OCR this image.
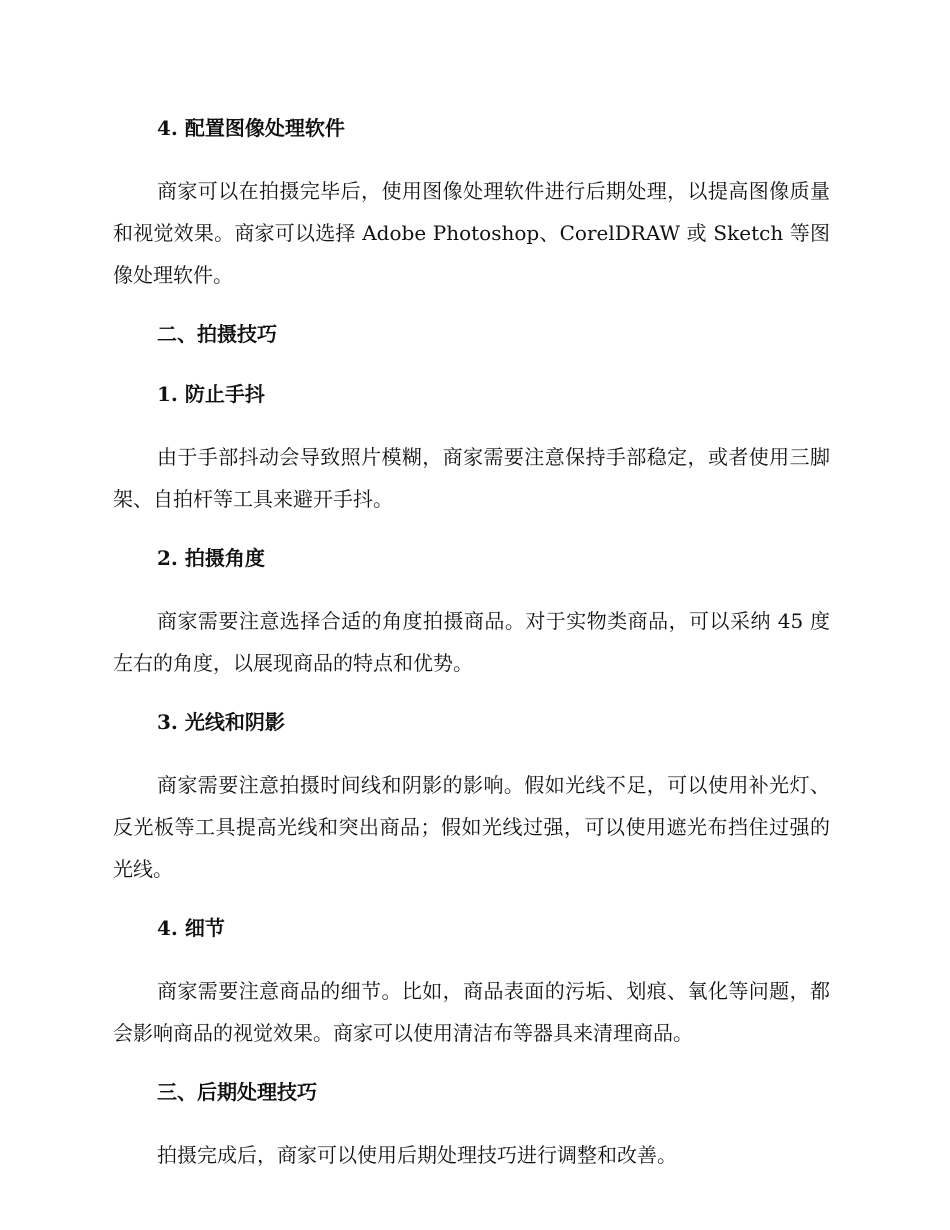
4. 配置图像处理软件

商家可以在拍摄完毕后，使用图像处理软件进行后期处理，以提高图像质量和视觉效果。商家可以选择 Adobe Photoshop、CorelDRAW 或 Sketch 等图像处理软件。

二、拍摄技巧
1. 防止手抖

由于手部抖动会导致照片模糊，商家需要注意保持手部稳定，或者使用三脚架、自拍杆等工具来避开手抖。

2. 拍摄角度

商家需要注意选择合适的角度拍摄商品。对于实物类商品，可以采纳 45 度左右的角度，以展现商品的特点和优势。

3. 光线和阴影

商家需要注意拍摄时间线和阴影的影响。假如光线不足，可以使用补光灯、反光板等工具提高光线和突出商品；假如光线过强，可以使用遮光布挡住过强的光线。

4. 细节

商家需要注意商品的细节。比如，商品表面的污垢、划痕、氧化等问题，都会影响商品的视觉效果。商家可以使用清洁布等器具来清理商品。

三、后期处理技巧

拍摄完成后，商家可以使用后期处理技巧进行调整和改善。
